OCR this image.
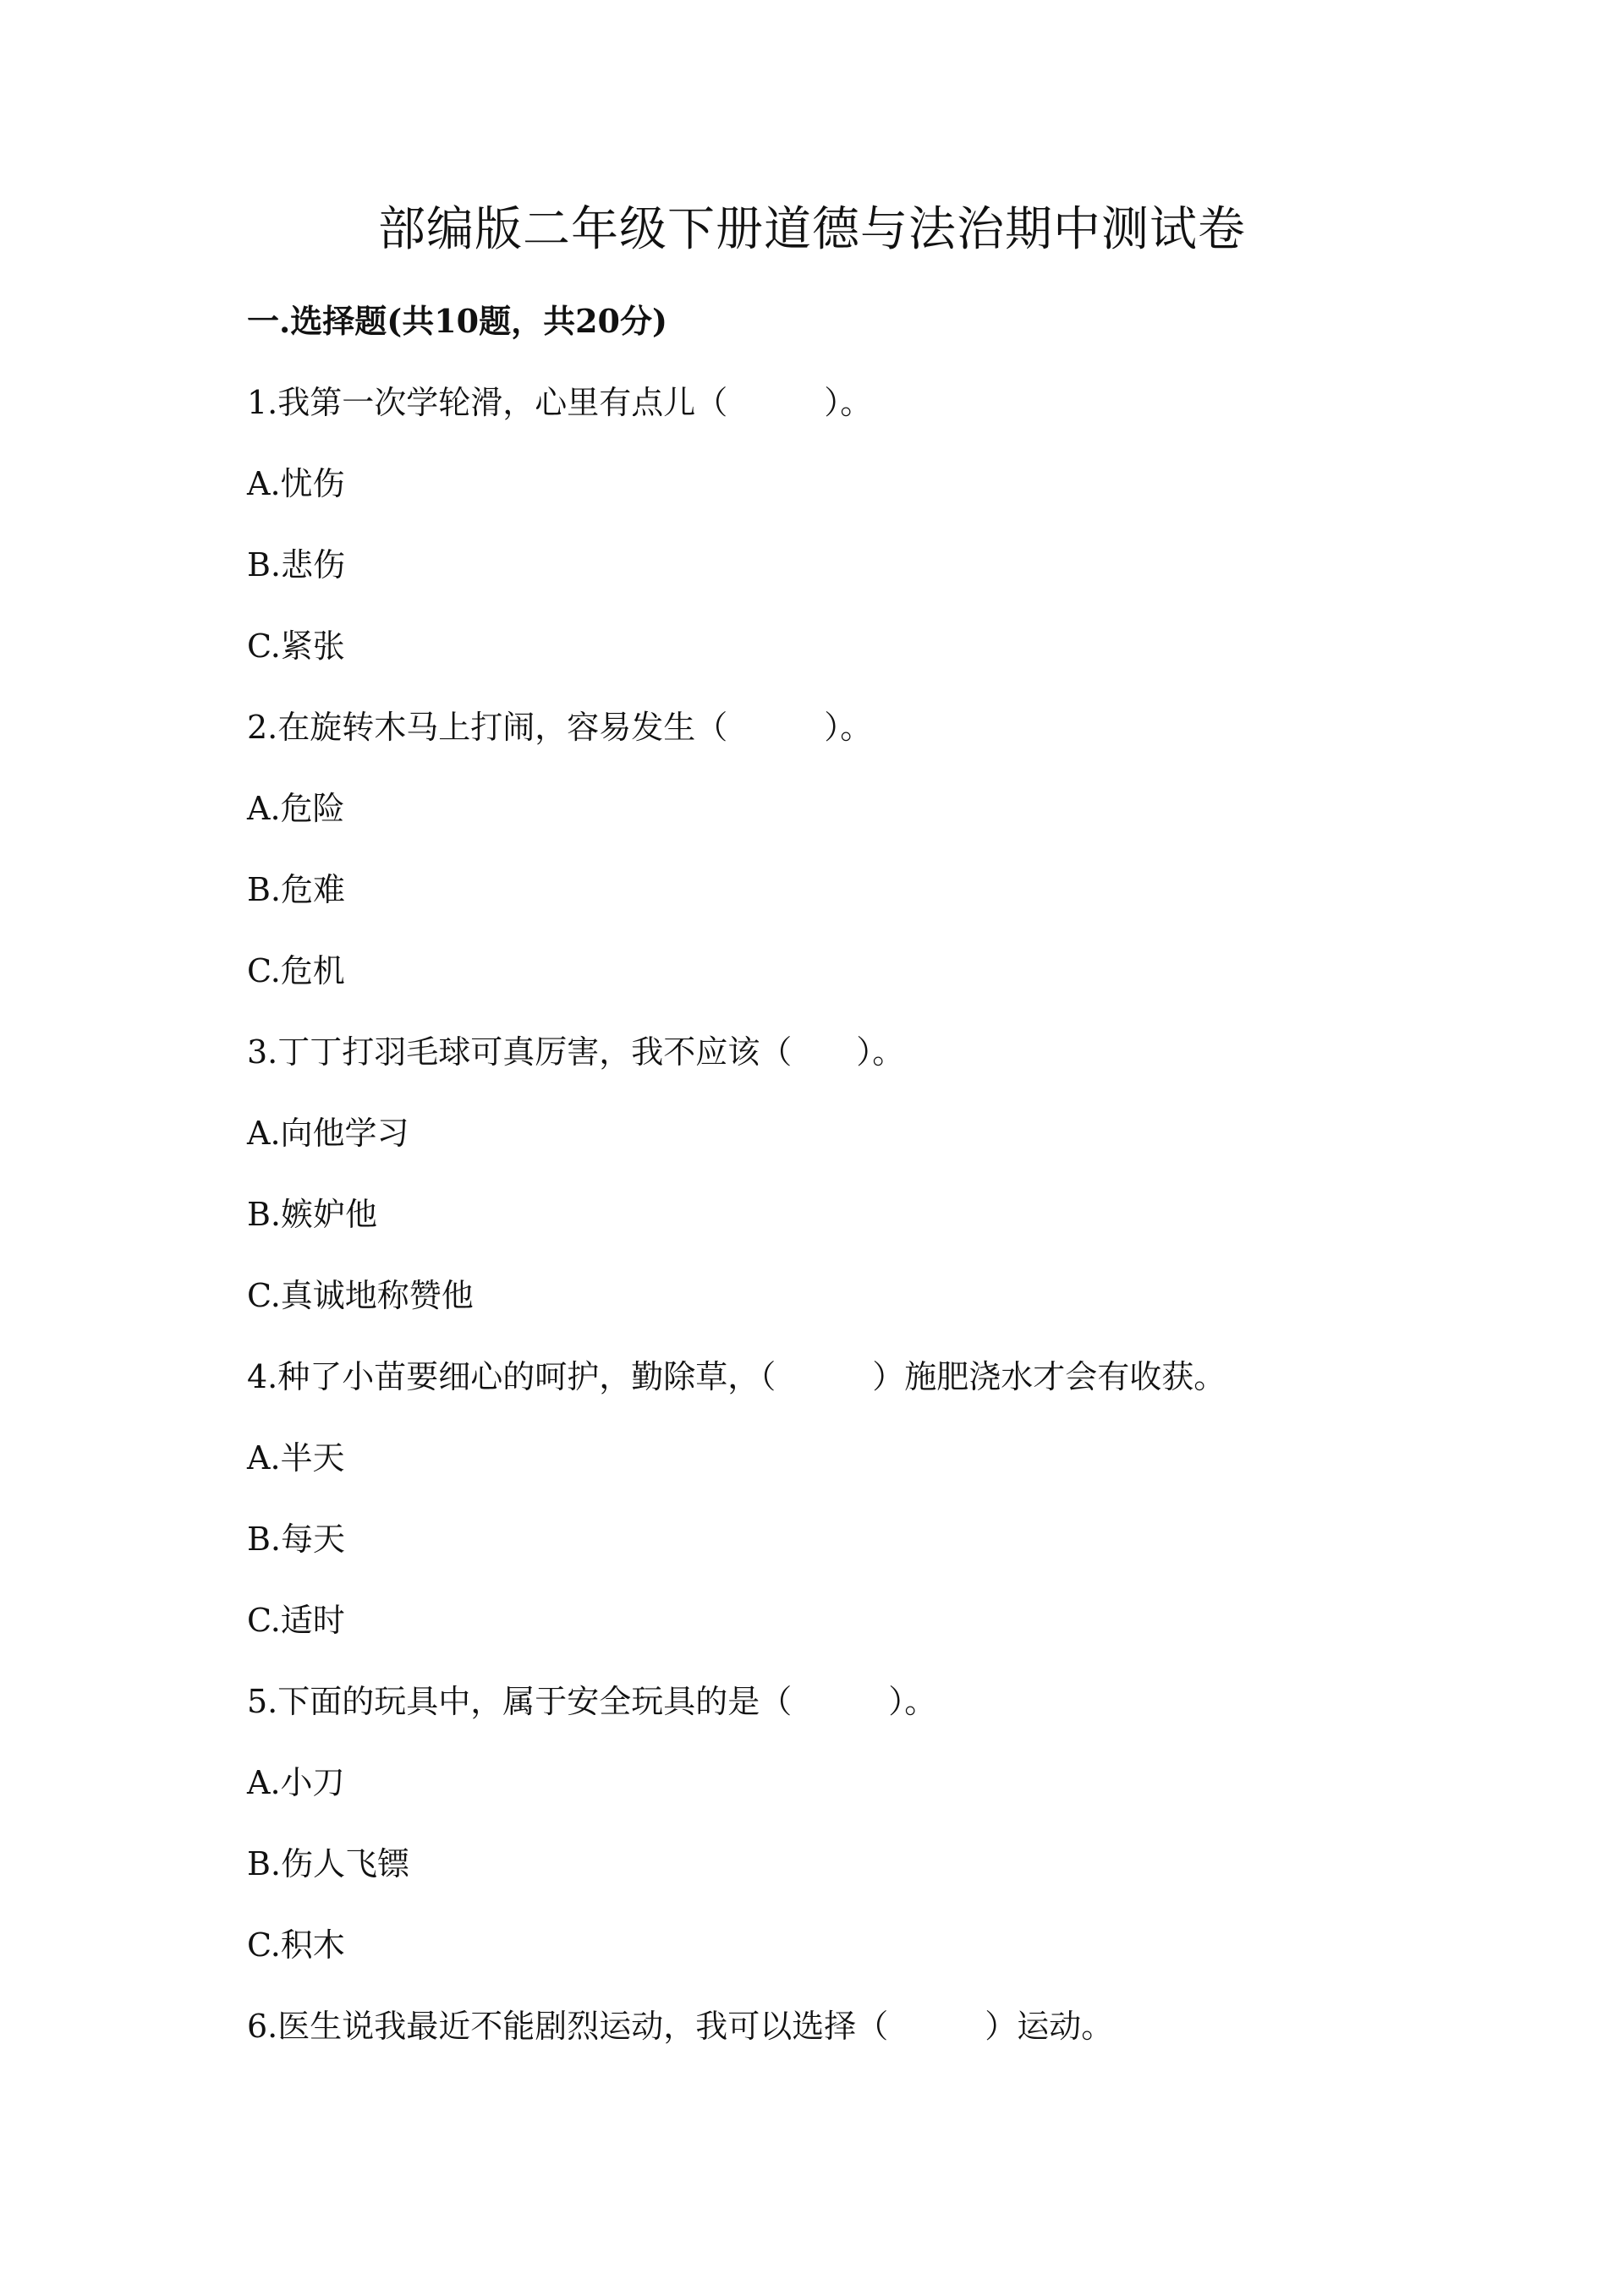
部编版二年级下册道德与法治期中测试卷
一.选择题(共10题，共20分)
1.我第一次学轮滑，心里有点儿（　　　）。
A.忧伤
B.悲伤
C.紧张
2.在旋转木马上打闹，容易发生（　　　）。
A.危险
B.危难
C.危机
3.丁丁打羽毛球可真厉害，我不应该（　　）。
A.向他学习
B.嫉妒他
C.真诚地称赞他
4.种了小苗要细心的呵护，勤除草，（　　　）施肥浇水才会有收获。
A.半天
B.每天
C.适时
5.下面的玩具中，属于安全玩具的是（　　　）。
A.小刀
B.伤人飞镖
C.积木
6.医生说我最近不能剧烈运动，我可以选择（　　　）运动。
